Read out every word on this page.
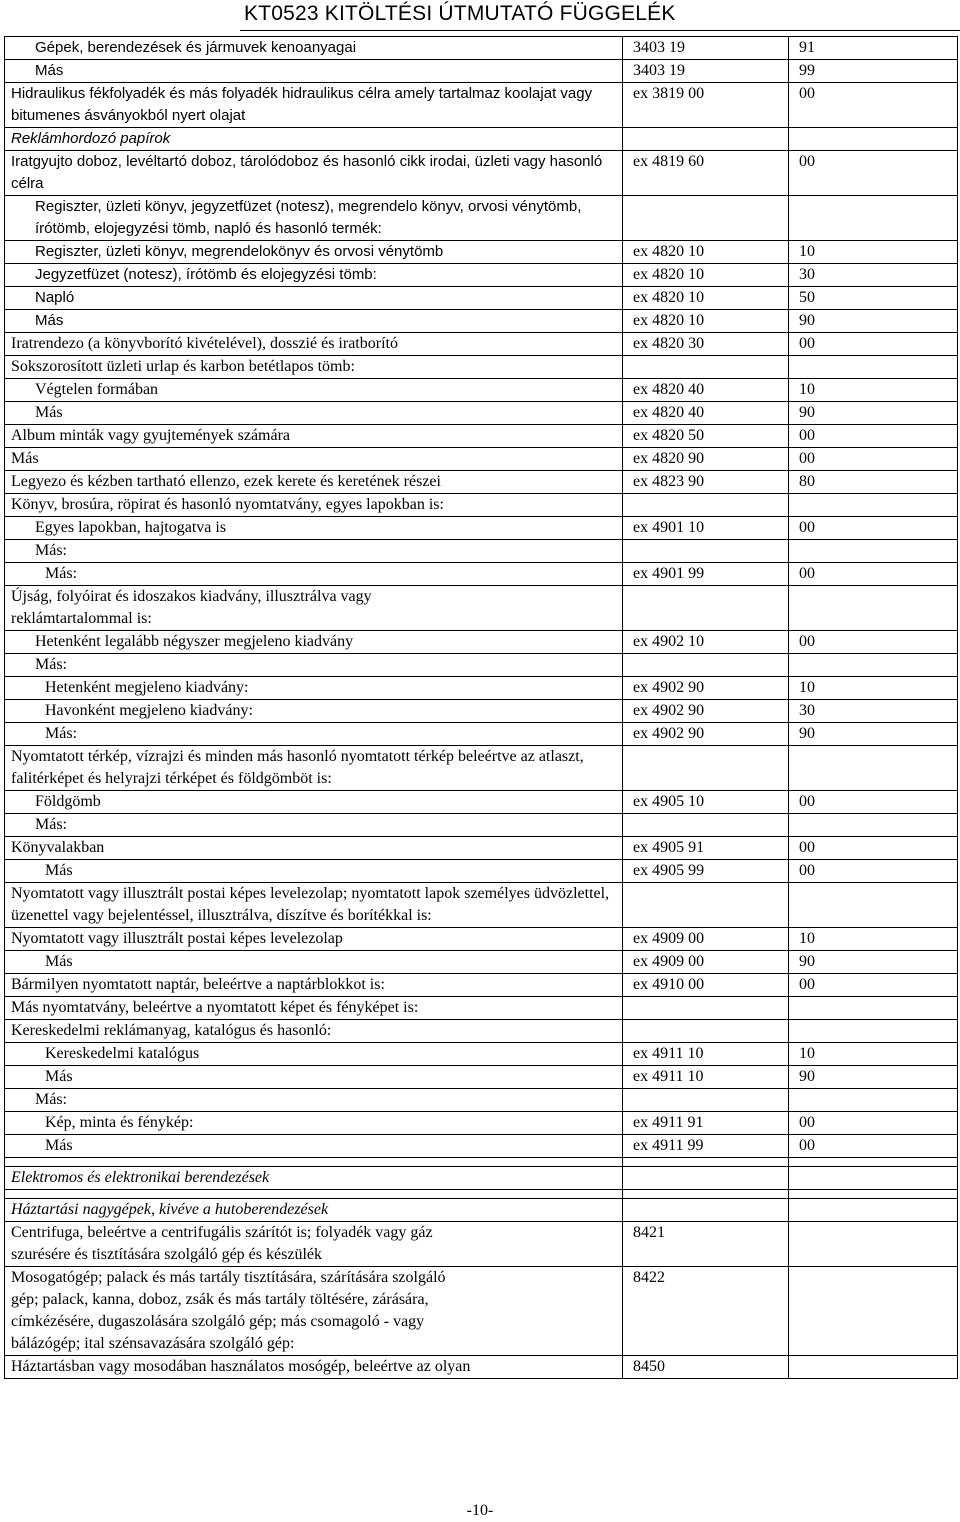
KT0523 KITÖLTÉSI ÚTMUTATÓ FÜGGELÉK
Gépek, berendezések és jármuvek kenoanyagai	3403 19	91
Más	3403 19	99
Hidraulikus fékfolyadék és más folyadék hidraulikus célra amely tartalmaz koolajat vagy bitumenes ásványokból nyert olajat	ex 3819 00	00
Reklámhordozó papírok		
Iratgyujto doboz, levéltartó doboz, tárolódoboz és hasonló cikk irodai, üzleti vagy hasonló célra	ex 4819 60	00
Regiszter, üzleti könyv, jegyzetfüzet (notesz), megrendelo könyv, orvosi vénytömb, írótömb, elojegyzési tömb, napló és hasonló termék:		
Regiszter, üzleti könyv, megrendelokönyv és orvosi vénytömb	ex 4820 10	10
Jegyzetfüzet (notesz), írótömb és elojegyzési tömb:	ex 4820 10	30
Napló	ex 4820 10	50
Más	ex 4820 10	90
Iratrendezo (a könyvborító kivételével), dosszié és iratborító	ex 4820 30	00
Sokszorosított üzleti urlap és karbon betétlapos tömb:		
Végtelen formában	ex 4820 40	10
Más	ex 4820 40	90
Album minták vagy gyujtemények számára	ex 4820 50	00
Más	ex 4820 90	00
Legyezo és kézben tartható ellenzo, ezek kerete és keretének részei	ex 4823 90	80
Könyv, brosúra, röpirat és hasonló nyomtatvány, egyes lapokban is:		
Egyes lapokban, hajtogatva is	ex 4901 10	00
Más:		
Más:	ex 4901 99	00
Újság, folyóirat és idoszakos kiadvány, illusztrálva vagy reklámtartalommal is:		
Hetenként legalább négyszer megjeleno kiadvány	ex 4902 10	00
Más:		
Hetenként megjeleno kiadvány:	ex 4902 90	10
Havonként megjeleno kiadvány:	ex 4902 90	30
Más:	ex 4902 90	90
Nyomtatott térkép, vízrajzi és minden más hasonló nyomtatott térkép beleértve az atlaszt, falitérképet és helyrajzi térképet és földgömböt is:		
Földgömb	ex 4905 10	00
Más:		
Könyvalakban	ex 4905 91	00
Más	ex 4905 99	00
Nyomtatott vagy illusztrált postai képes levelezolap; nyomtatott lapok személyes üdvözlettel, üzenettel vagy bejelentéssel, illusztrálva, díszítve és borítékkal is:		
Nyomtatott vagy illusztrált postai képes levelezolap	ex 4909 00	10
Más	ex 4909 00	90
Bármilyen nyomtatott naptár, beleértve a naptárblokkot is:	ex 4910 00	00
Más nyomtatvány, beleértve a nyomtatott képet és fényképet is:		
Kereskedelmi reklámanyag, katalógus és hasonló:		
Kereskedelmi katalógus	ex 4911 10	10
Más	ex 4911 10	90
Más:		
Kép, minta és fénykép:	ex 4911 91	00
Más	ex 4911 99	00

Elektromos és elektronikai berendezések		

Háztartási nagygépek, kivéve a hutoberendezések		
Centrifuga, beleértve a centrifugális szárítót is; folyadék vagy gáz szurésére és tisztítására szolgáló gép és készülék	8421	
Mosogatógép; palack és más tartály tisztítására, szárítására szolgáló gép; palack, kanna, doboz, zsák és más tartály töltésére, zárására, címkézésére, dugaszolására szolgáló gép; más csomagoló - vagy bálázógép; ital szénsavazására szolgáló gép:	8422	
Háztartásban vagy mosodában használatos mosógép, beleértve az olyan	8450	
-10-
